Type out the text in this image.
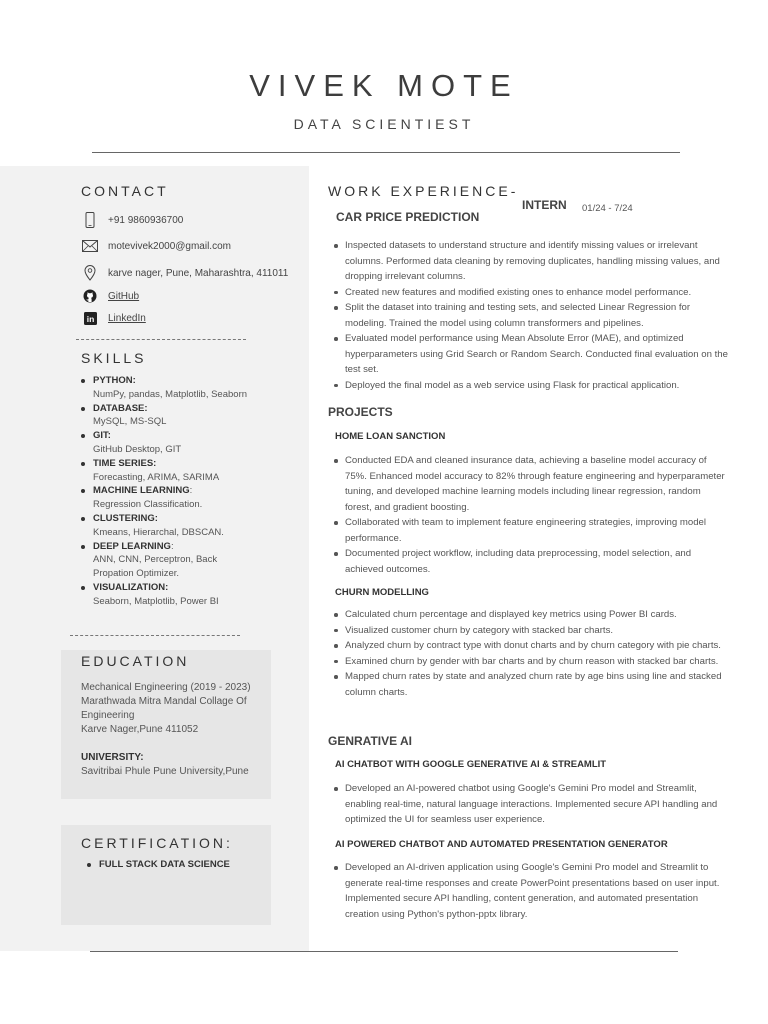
VIVEK MOTE
DATA SCIENTIEST
CONTACT
+91 9860936700
motevivek2000@gmail.com
karve nager, Pune, Maharashtra, 411011
GitHub
in LinkedIn
SKILLS
PYTHON:
NumPy, pandas, Matplotlib, Seaborn
DATABASE:
MySQL, MS-SQL
GIT:
GitHub Desktop, GIT
TIME SERIES:
Forecasting, ARIMA, SARIMA
MACHINE LEARNING:
Regression Classification.
CLUSTERING:
Kmeans, Hierarchal, DBSCAN.
DEEP LEARNING:
ANN, CNN, Perceptron, Back Propation Optimizer.
VISUALIZATION:
Seaborn, Matplotlib, Power BI
EDUCATION
Mechanical Engineering (2019 - 2023)
Marathwada Mitra Mandal Collage Of Engineering
Karve Nager,Pune 411052
UNIVERSITY:
Savitribai Phule Pune University,Pune
CERTIFICATION:
FULL STACK DATA SCIENCE
WORK EXPERIENCE-
INTERN 01/24 - 7/24
CAR PRICE PREDICTION
Inspected datasets to understand structure and identify missing values or irrelevant columns. Performed data cleaning by removing duplicates, handling missing values, and dropping irrelevant columns.
Created new features and modified existing ones to enhance model performance.
Split the dataset into training and testing sets, and selected Linear Regression for modeling. Trained the model using column transformers and pipelines.
Evaluated model performance using Mean Absolute Error (MAE), and optimized hyperparameters using Grid Search or Random Search. Conducted final evaluation on the test set.
Deployed the final model as a web service using Flask for practical application.
PROJECTS
HOME LOAN SANCTION
Conducted EDA and cleaned insurance data, achieving a baseline model accuracy of 75%. Enhanced model accuracy to 82% through feature engineering and hyperparameter tuning, and developed machine learning models including linear regression, random forest, and gradient boosting.
Collaborated with team to implement feature engineering strategies, improving model performance.
Documented project workflow, including data preprocessing, model selection, and achieved outcomes.
CHURN MODELLING
Calculated churn percentage and displayed key metrics using Power BI cards.
Visualized customer churn by category with stacked bar charts.
Analyzed churn by contract type with donut charts and by churn category with pie charts.
Examined churn by gender with bar charts and by churn reason with stacked bar charts.
Mapped churn rates by state and analyzed churn rate by age bins using line and stacked column charts.
GENRATIVE AI
AI CHATBOT WITH GOOGLE GENERATIVE AI & STREAMLIT
Developed an AI-powered chatbot using Google's Gemini Pro model and Streamlit, enabling real-time, natural language interactions. Implemented secure API handling and optimized the UI for seamless user experience.
AI POWERED CHATBOT AND AUTOMATED PRESENTATION GENERATOR
Developed an AI-driven application using Google's Gemini Pro model and Streamlit to generate real-time responses and create PowerPoint presentations based on user input. Implemented secure API handling, content generation, and automated presentation creation using Python's python-pptx library.
